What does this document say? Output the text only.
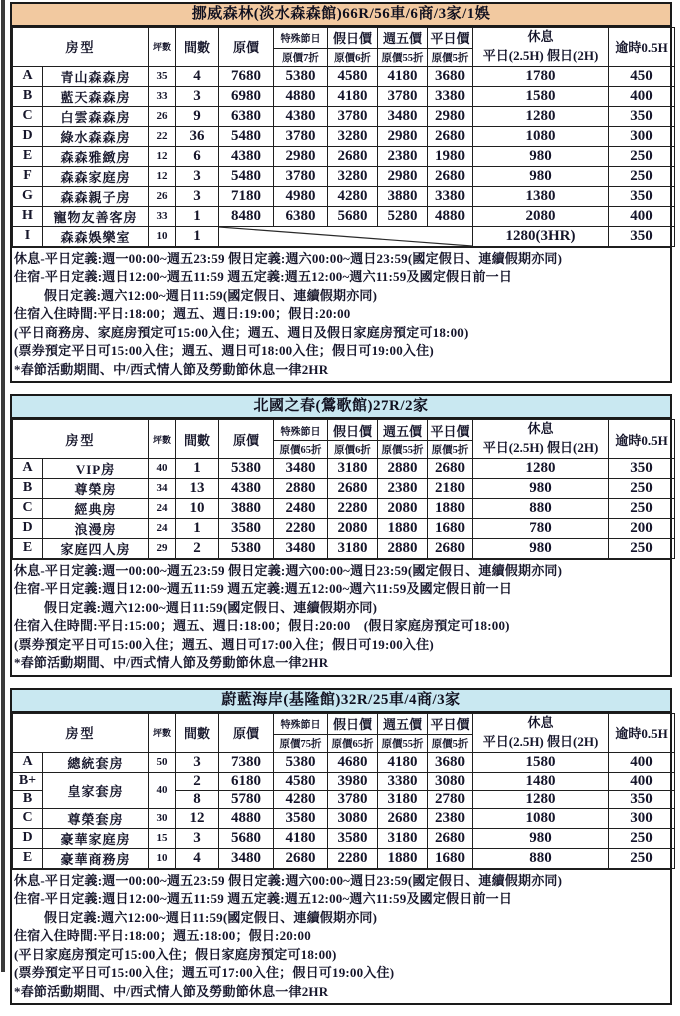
挪威森林(淡水森森館)66R/56車/6商/3家/1娛
房型		坪數	間數	原價	特殊節日	假日價	週五價	平日價	休息
平日(2.5H) 假日(2H)	逾時0.5H
					原價7折	原價6折	原價55折	原價5折		
A	青山森森房	35	4	7680	5380	4580	4180	3680	1780	450
B	藍天森森房	33	3	6980	4880	4180	3780	3380	1580	400
C	白雲森森房	26	9	6380	4380	3780	3480	2980	1280	350
D	綠水森森房	22	36	5480	3780	3280	2980	2680	1080	300
E	森森雅緻房	12	6	4380	2980	2680	2380	1980	980	250
F	森森家庭房	12	3	5480	3780	3280	2980	2680	980	250
G	森森親子房	26	3	7180	4980	4280	3880	3380	1380	350
H	寵物友善客房	33	1	8480	6380	5680	5280	4880	2080	400
I	森森娛樂室	10	1						1280(3HR)	350
休息-平日定義:週一00:00~週五23:59 假日定義:週六00:00~週日23:59(國定假日、連續假期亦同)
住宿-平日定義:週日12:00~週五11:59 週五定義:週五12:00~週六11:59及國定假日前一日
　　 假日定義:週六12:00~週日11:59(國定假日、連續假期亦同)
住宿入住時間:平日:18:00；週五、週日:19:00；假日:20:00
(平日商務房、家庭房預定可15:00入住；週五、週日及假日家庭房預定可18:00)
(票券預定平日可15:00入住；週五、週日可18:00入住；假日可19:00入住)
*春節活動期間、中/西式情人節及勞動節休息一律2HR
北國之春(鶯歌館)27R/2家
房型		坪數	間數	原價	特殊節日	假日價	週五價	平日價	休息
平日(2.5H) 假日(2H)	逾時0.5H
					原價65折	原價6折	原價55折	原價5折		
A	VIP房	40	1	5380	3480	3180	2880	2680	1280	350
B	尊榮房	34	13	4380	2880	2680	2380	2180	980	250
C	經典房	24	10	3880	2480	2280	2080	1880	880	250
D	浪漫房	24	1	3580	2280	2080	1880	1680	780	200
E	家庭四人房	29	2	5380	3480	3180	2880	2680	980	250
休息-平日定義:週一00:00~週五23:59 假日定義:週六00:00~週日23:59(國定假日、連續假期亦同)
住宿-平日定義:週日12:00~週五11:59 週五定義:週五12:00~週六11:59及國定假日前一日
　　 假日定義:週六12:00~週日11:59(國定假日、連續假期亦同)
住宿入住時間:平日:15:00；週五、週日:18:00；假日:20:00　(假日家庭房預定可18:00)
(票券預定平日可15:00入住；週五、週日可17:00入住；假日可19:00入住)
*春節活動期間、中/西式情人節及勞動節休息一律2HR
蔚藍海岸(基隆館)32R/25車/4商/3家
房型		坪數	間數	原價	特殊節日	假日價	週五價	平日價	休息
平日(2.5H) 假日(2H)	逾時0.5H
					原價75折	原價65折	原價55折	原價5折		
A	總統套房	50	3	7380	5380	4680	4180	3680	1580	400
B+	皇家套房	40	2	6180	4580	3980	3380	3080	1480	400
B			8	5780	4280	3780	3180	2780	1280	350
C	尊榮套房	30	12	4880	3580	3080	2680	2380	1080	300
D	豪華家庭房	15	3	5680	4180	3580	3180	2680	980	250
E	豪華商務房	10	4	3480	2680	2280	1880	1680	880	250
休息-平日定義:週一00:00~週五23:59 假日定義:週六00:00~週日23:59(國定假日、連續假期亦同)
住宿-平日定義:週日12:00~週五11:59 週五定義:週五12:00~週六11:59及國定假日前一日
　　 假日定義:週六12:00~週日11:59(國定假日、連續假期亦同)
住宿入住時間:平日:18:00；週五:18:00；假日:20:00
(平日家庭房預定可15:00入住；假日家庭房預定可18:00)
(票券預定平日可15:00入住；週五可17:00入住；假日可19:00入住)
*春節活動期間、中/西式情人節及勞動節休息一律2HR
